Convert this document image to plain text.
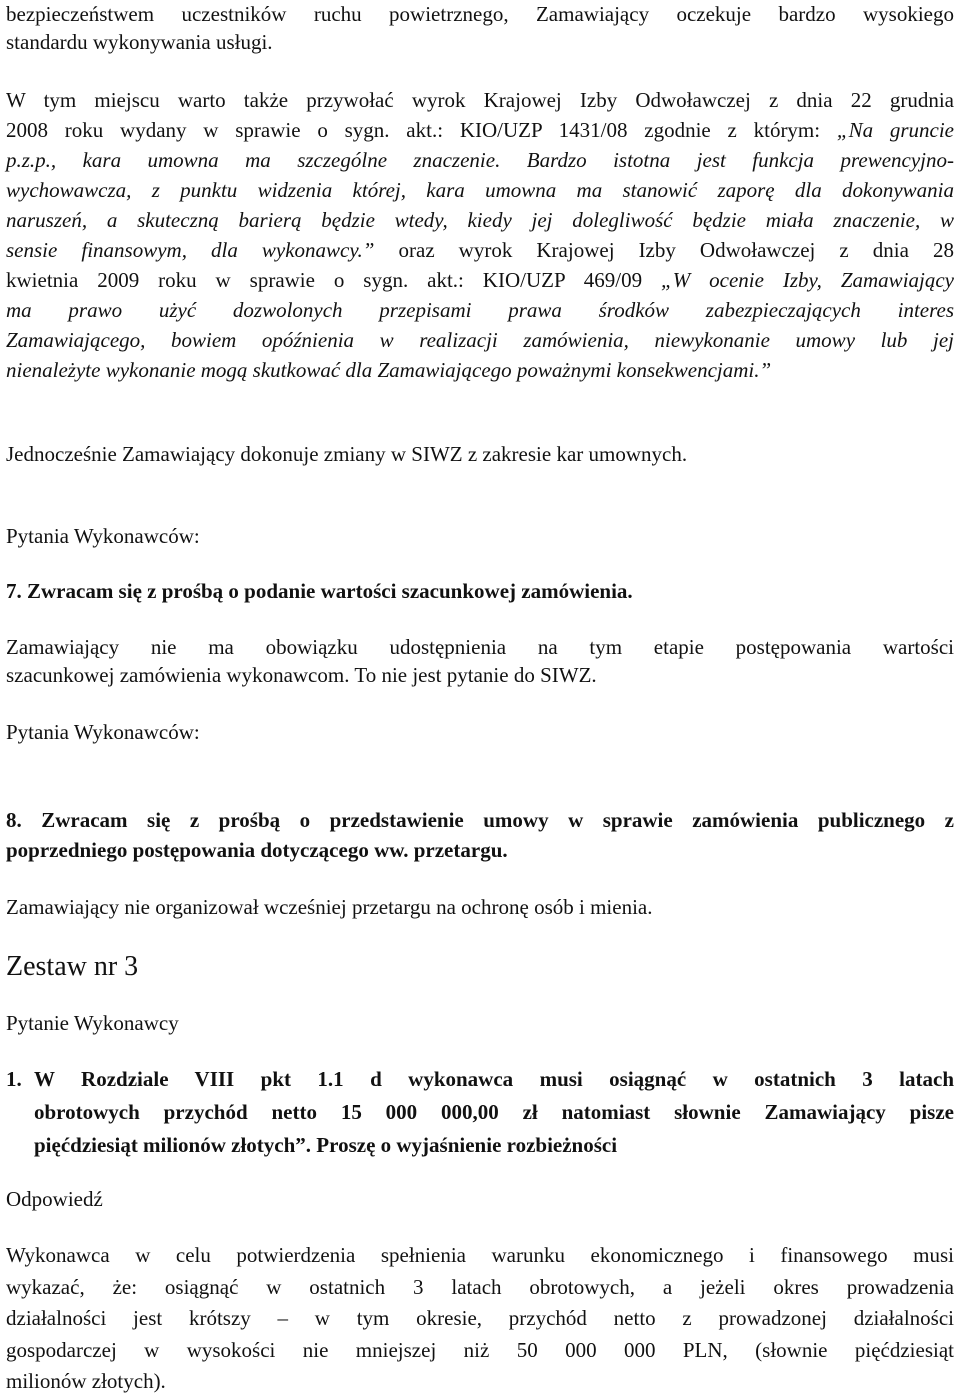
bezpieczeństwem uczestników ruchu powietrznego, Zamawiający oczekuje bardzo wysokiego
standardu wykonywania usługi.
W tym miejscu warto także przywołać wyrok Krajowej Izby Odwoławczej z dnia 22 grudnia
2008 roku wydany w sprawie o sygn. akt.: KIO/UZP 1431/08 zgodnie z którym: „Na gruncie
p.z.p., kara umowna ma szczególne znaczenie. Bardzo istotna jest funkcja prewencyjno-
wychowawcza, z punktu widzenia której, kara umowna ma stanowić zaporę dla dokonywania
naruszeń, a skuteczną barierą będzie wtedy, kiedy jej dolegliwość będzie miała znaczenie, w
sensie finansowym, dla wykonawcy.” oraz wyrok Krajowej Izby Odwoławczej z dnia 28
kwietnia 2009 roku w sprawie o sygn. akt.: KIO/UZP 469/09 „W ocenie Izby, Zamawiający
ma prawo użyć dozwolonych przepisami prawa środków zabezpieczających interes
Zamawiającego, bowiem opóźnienia w realizacji zamówienia, niewykonanie umowy lub jej
nienależyte wykonanie mogą skutkować dla Zamawiającego poważnymi konsekwencjami.”
Jednocześnie Zamawiający dokonuje zmiany w SIWZ z zakresie kar umownych.
Pytania Wykonawców:
7. Zwracam się z prośbą o podanie wartości szacunkowej zamówienia.
Zamawiający nie ma obowiązku udostępnienia na tym etapie postępowania wartości
szacunkowej zamówienia wykonawcom. To nie jest pytanie do SIWZ.
Pytania Wykonawców:
8. Zwracam się z prośbą o przedstawienie umowy w sprawie zamówienia publicznego z
poprzedniego postępowania dotyczącego ww. przetargu.
Zamawiający nie organizował wcześniej przetargu na ochronę osób i mienia.
Zestaw nr 3
Pytanie Wykonawcy
1. W Rozdziale VIII pkt 1.1 d wykonawca musi osiągnąć w ostatnich 3 latach
obrotowych przychód netto 15 000 000,00 zł natomiast słownie Zamawiający pisze
pięćdziesiąt milionów złotych”. Proszę o wyjaśnienie rozbieżności
Odpowiedź
Wykonawca w celu potwierdzenia spełnienia warunku ekonomicznego i finansowego musi
wykazać, że: osiągnąć w ostatnich 3 latach obrotowych, a jeżeli okres prowadzenia
działalności jest krótszy – w tym okresie, przychód netto z prowadzonej działalności
gospodarczej w wysokości nie mniejszej niż 50 000 000 PLN, (słownie pięćdziesiąt
milionów złotych).
